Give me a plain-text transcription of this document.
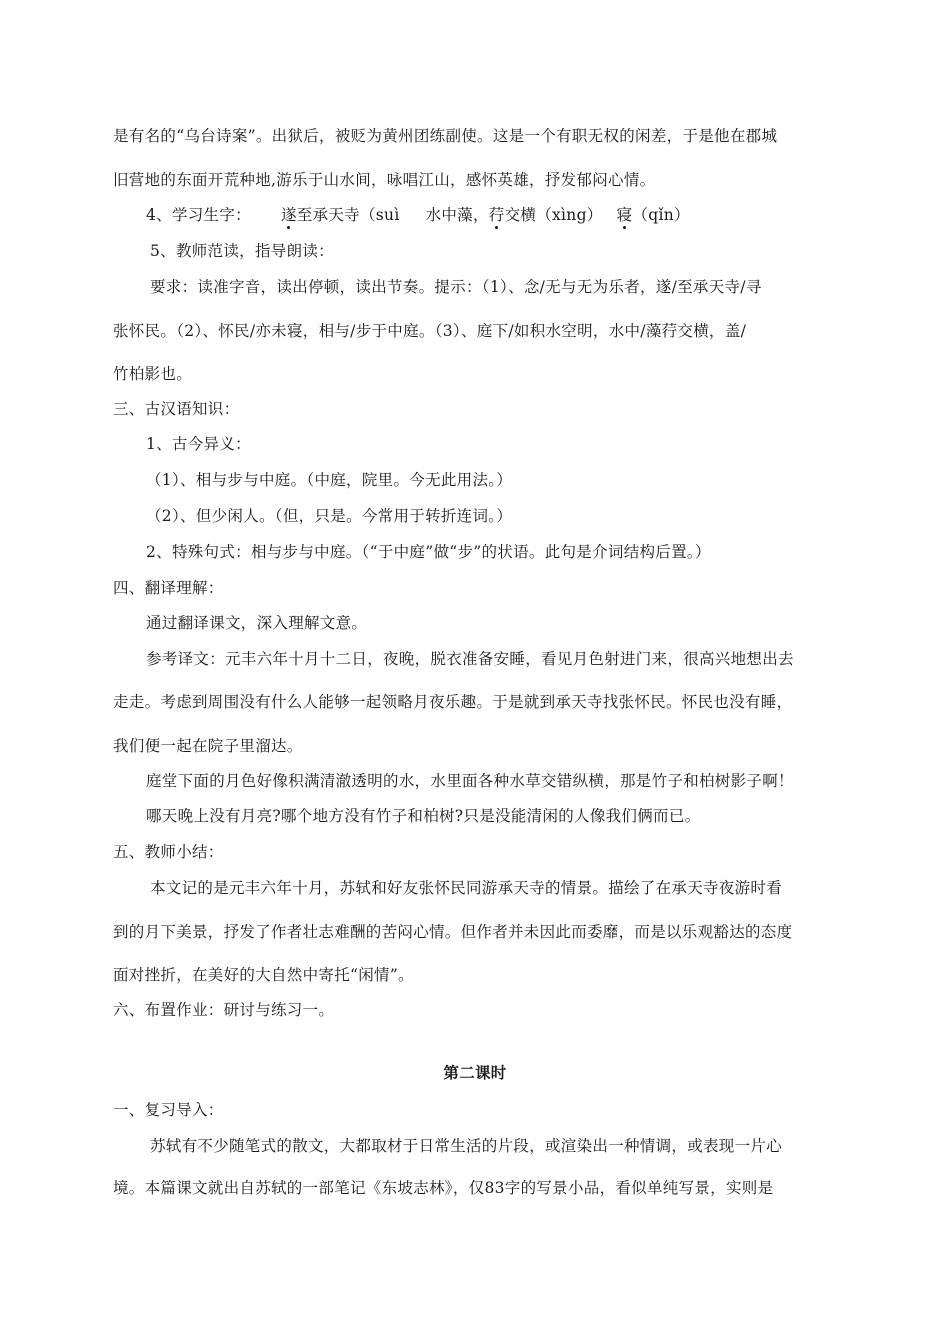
是有名的“乌台诗案”。出狱后，被贬为黄州团练副使。这是一个有职无权的闲差，于是他在郡城
旧营地的东面开荒种地,游乐于山水间，咏唱江山，感怀英雄，抒发郁闷心情。
4、学习生字： 遂至承天寺（suì 水中藻，荇交横（xìng） 寝（qǐn）
5、教师范读，指导朗读：
要求：读准字音，读出停顿，读出节奏。提示：（1）、念/无与无为乐者，遂/至承天寺/寻
张怀民。（2）、怀民/亦未寝，相与/步于中庭。（3）、庭下/如积水空明，水中/藻荇交横，盖/
竹柏影也。
三、古汉语知识：
1、古今异义：
（1）、相与步与中庭。（中庭，院里。今无此用法。）
（2）、但少闲人。（但，只是。今常用于转折连词。）
2、特殊句式：相与步与中庭。（“于中庭”做“步”的状语。此句是介词结构后置。）
四、翻译理解：
通过翻译课文，深入理解文意。
参考译文：元丰六年十月十二日，夜晚，脱衣准备安睡，看见月色射进门来，很高兴地想出去
走走。考虑到周围没有什么人能够一起领略月夜乐趣。于是就到承天寺找张怀民。怀民也没有睡，
我们便一起在院子里溜达。
庭堂下面的月色好像积满清澈透明的水，水里面各种水草交错纵横，那是竹子和柏树影子啊！
哪天晚上没有月亮?哪个地方没有竹子和柏树?只是没能清闲的人像我们俩而已。
五、教师小结：
本文记的是元丰六年十月，苏轼和好友张怀民同游承天寺的情景。描绘了在承天寺夜游时看
到的月下美景，抒发了作者壮志难酬的苦闷心情。但作者并未因此而委靡，而是以乐观豁达的态度
面对挫折，在美好的大自然中寄托“闲情”。
六、布置作业：研讨与练习一。
第二课时
一、复习导入：
苏轼有不少随笔式的散文，大都取材于日常生活的片段，或渲染出一种情调，或表现一片心
境。本篇课文就出自苏轼的一部笔记《东坡志林》，仅83字的写景小品，看似单纯写景，实则是
